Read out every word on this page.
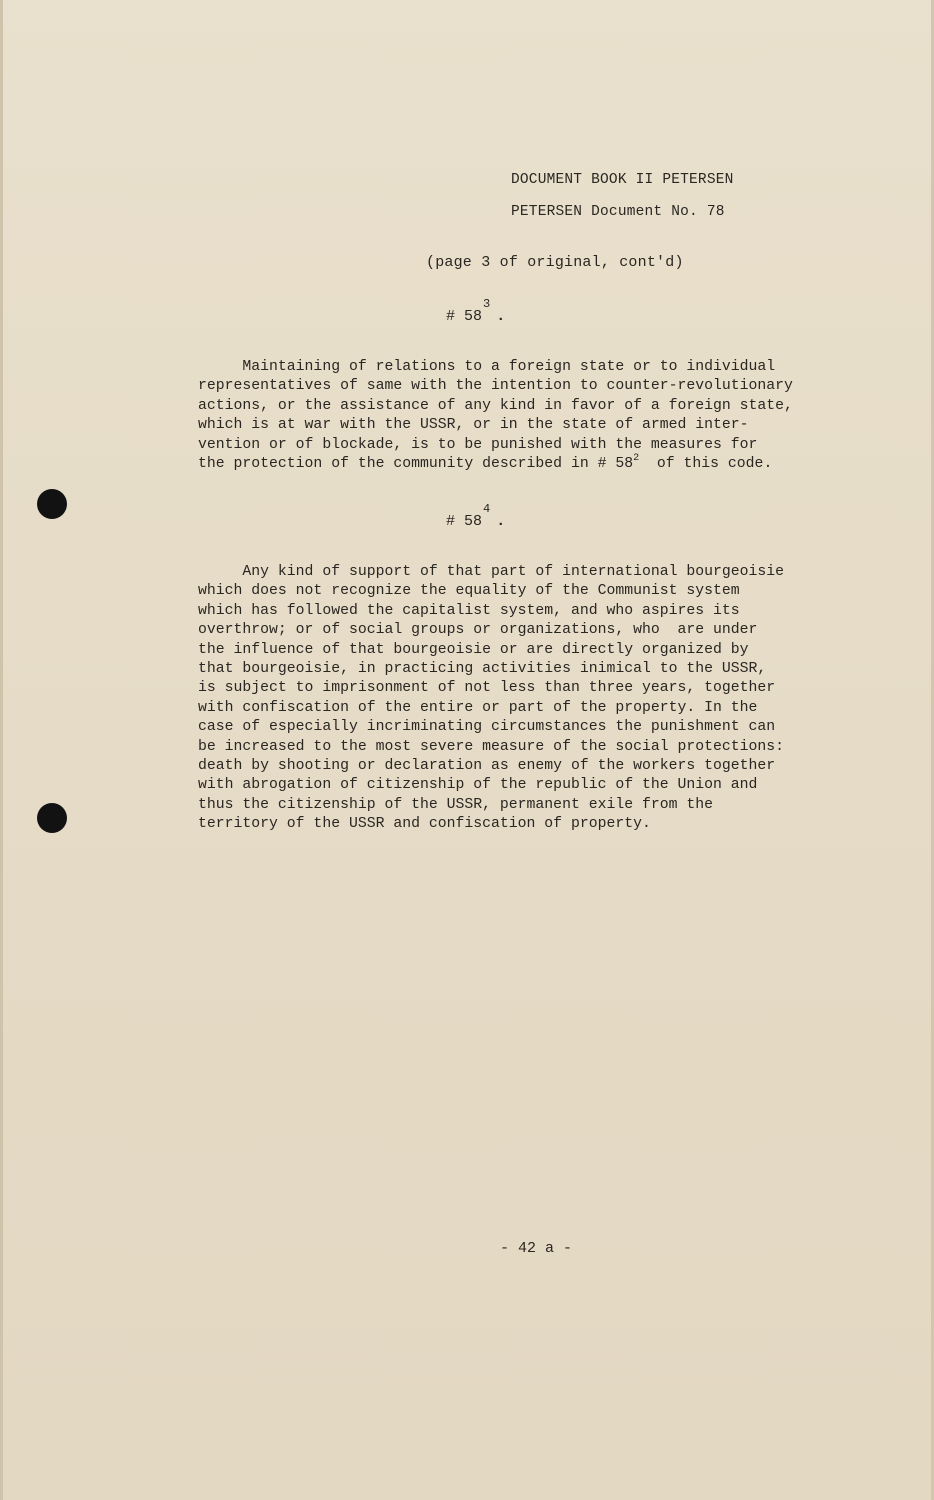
DOCUMENT BOOK II PETERSEN
PETERSEN Document No. 78
(page 3 of original, cont'd)
# $58^3$.
Maintaining of relations to a foreign state or to individual
representatives of same with the intention to counter-revolutionary
actions, or the assistance of any kind in favor of a foreign state,
which is at war with the USSR, or in the state of armed inter-
vention or of blockade, is to be punished with the measures for
the protection of the community described in # $58^2$  of this code.
# $58^4$.
Any kind of support of that part of international bourgeoisie
which does not recognize the equality of the Communist system
which has followed the capitalist system, and who aspires its
overthrow; or of social groups or organizations, who  are under
the influence of that bourgeoisie or are directly organized by
that bourgeoisie, in practicing activities inimical to the USSR,
is subject to imprisonment of not less than three years, together
with confiscation of the entire or part of the property. In the
case of especially incriminating circumstances the punishment can
be increased to the most severe measure of the social protections:
death by shooting or declaration as enemy of the workers together
with abrogation of citizenship of the republic of the Union and
thus the citizenship of the USSR, permanent exile from the
territory of the USSR and confiscation of property.
- 42 a -
